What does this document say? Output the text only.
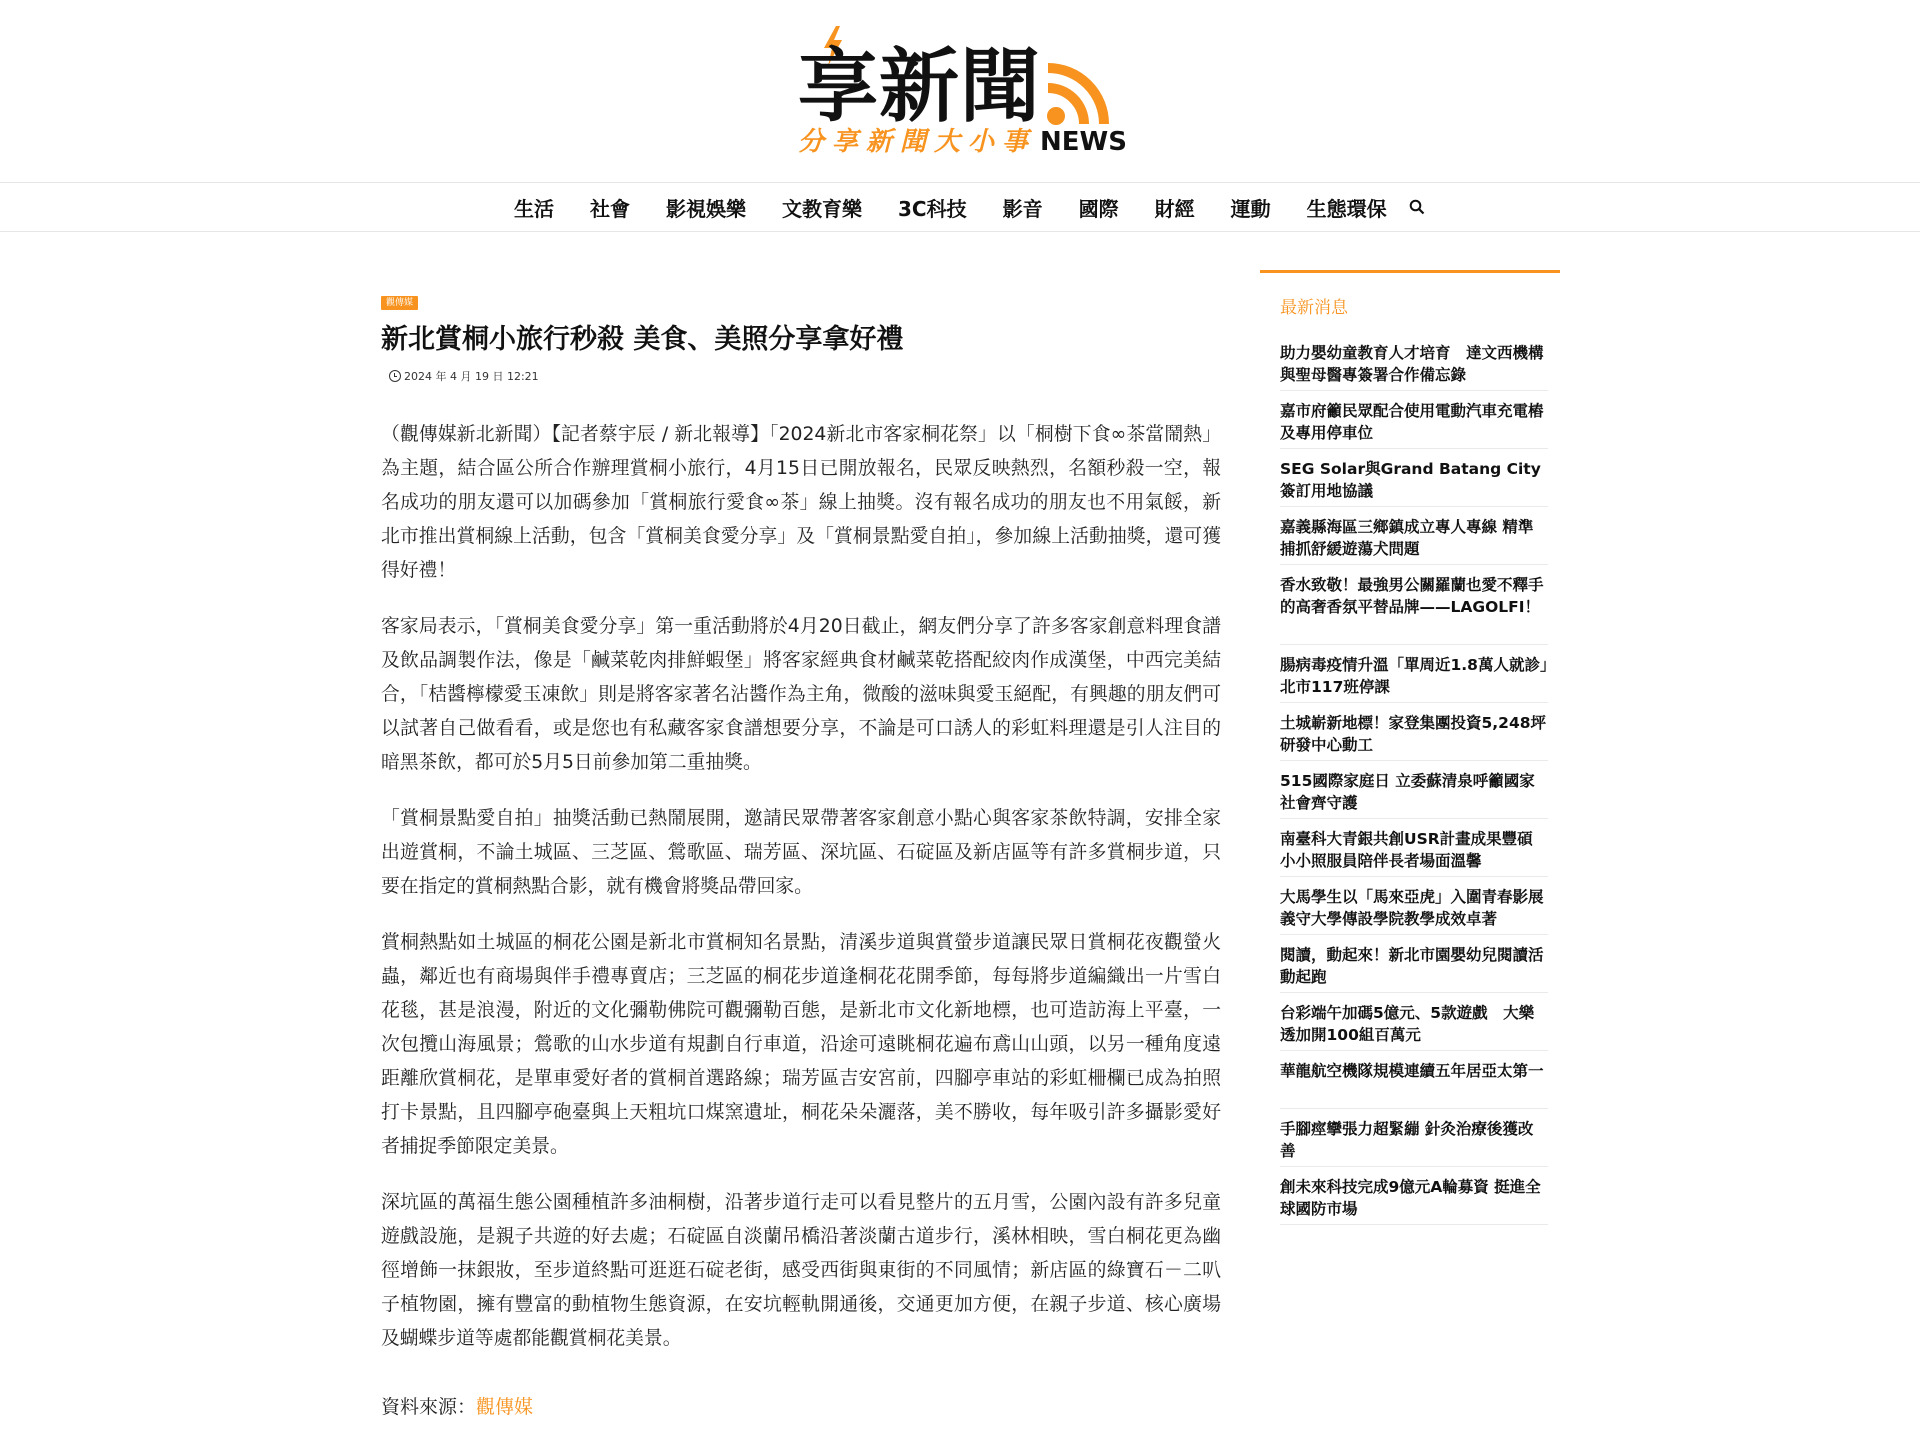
享新聞
分享新聞大小事 NEWS
生活 社會 影視娛樂 文教育樂 3C科技 影音 國際 財經 運動 生態環保
觀傳媒
新北賞桐小旅行秒殺 美食、美照分享拿好禮
2024 年 4 月 19 日 12:21

（觀傳媒新北新聞）【記者蔡宇辰 / 新北報導】「2024新北市客家桐花祭」以「桐樹下食∞茶當鬧熱」為主題，結合區公所合作辦理賞桐小旅行，4月15日已開放報名，民眾反映熱烈，名額秒殺一空，報名成功的朋友還可以加碼參加「賞桐旅行愛食∞茶」線上抽獎。沒有報名成功的朋友也不用氣餒，新北市推出賞桐線上活動，包含「賞桐美食愛分享」及「賞桐景點愛自拍」，參加線上活動抽獎，還可獲得好禮！

客家局表示，「賞桐美食愛分享」第一重活動將於4月20日截止，網友們分享了許多客家創意料理食譜及飲品調製作法，像是「鹹菜乾肉排鮮蝦堡」將客家經典食材鹹菜乾搭配絞肉作成漢堡，中西完美結合，「桔醬檸檬愛玉凍飲」則是將客家著名沾醬作為主角，微酸的滋味與愛玉絕配，有興趣的朋友們可以試著自己做看看，或是您也有私藏客家食譜想要分享，不論是可口誘人的彩虹料理還是引人注目的暗黑茶飲，都可於5月5日前參加第二重抽獎。

「賞桐景點愛自拍」抽獎活動已熱鬧展開，邀請民眾帶著客家創意小點心與客家茶飲特調，安排全家出遊賞桐，不論土城區、三芝區、鶯歌區、瑞芳區、深坑區、石碇區及新店區等有許多賞桐步道，只要在指定的賞桐熱點合影，就有機會將獎品帶回家。

賞桐熱點如土城區的桐花公園是新北市賞桐知名景點，清溪步道與賞螢步道讓民眾日賞桐花夜觀螢火蟲，鄰近也有商場與伴手禮專賣店；三芝區的桐花步道逢桐花花開季節，每每將步道編織出一片雪白花毯，甚是浪漫，附近的文化彌勒佛院可觀彌勒百態，是新北市文化新地標，也可造訪海上平臺，一次包攬山海風景；鶯歌的山水步道有規劃自行車道，沿途可遠眺桐花遍布鳶山山頭，以另一種角度遠距離欣賞桐花，是單車愛好者的賞桐首選路線；瑞芳區吉安宮前，四腳亭車站的彩虹柵欄已成為拍照打卡景點，且四腳亭砲臺與上天粗坑口煤窯遺址，桐花朵朵灑落，美不勝收，每年吸引許多攝影愛好者捕捉季節限定美景。

深坑區的萬福生態公園種植許多油桐樹，沿著步道行走可以看見整片的五月雪，公園內設有許多兒童遊戲設施，是親子共遊的好去處；石碇區自淡蘭吊橋沿著淡蘭古道步行，溪林相映，雪白桐花更為幽徑增飾一抹銀妝，至步道終點可逛逛石碇老街，感受西街與東街的不同風情；新店區的綠寶石－二叭子植物園，擁有豐富的動植物生態資源，在安坑輕軌開通後，交通更加方便，在親子步道、核心廣場及蝴蝶步道等處都能觀賞桐花美景。

資料來源：觀傳媒
最新消息
助力嬰幼童教育人才培育　達文西機構與聖母醫專簽署合作備忘錄
嘉市府籲民眾配合使用電動汽車充電樁及專用停車位
SEG Solar與Grand Batang City簽訂用地協議
嘉義縣海區三鄉鎮成立專人專線 精準捕抓舒緩遊蕩犬問題
香水致敬！最強男公關羅蘭也愛不釋手的高奢香氛平替品牌——LAGOLFI！
腸病毒疫情升溫「單周近1.8萬人就診」　北市117班停課
土城嶄新地標！家登集團投資5,248坪研發中心動工
515國際家庭日 立委蘇清泉呼籲國家社會齊守護
南臺科大青銀共創USR計畫成果豐碩 小小照服員陪伴長者場面溫馨
大馬學生以「馬來亞虎」入圍青春影展　義守大學傳設學院教學成效卓著
閱讀，動起來！新北市園嬰幼兒閱讀活動起跑
台彩端午加碼5億元、5款遊戲　大樂透加開100組百萬元
華龍航空機隊規模連續五年居亞太第一
手腳痙攣張力超緊繃 針灸治療後獲改善
創未來科技完成9億元A輪募資 挺進全球國防市場
